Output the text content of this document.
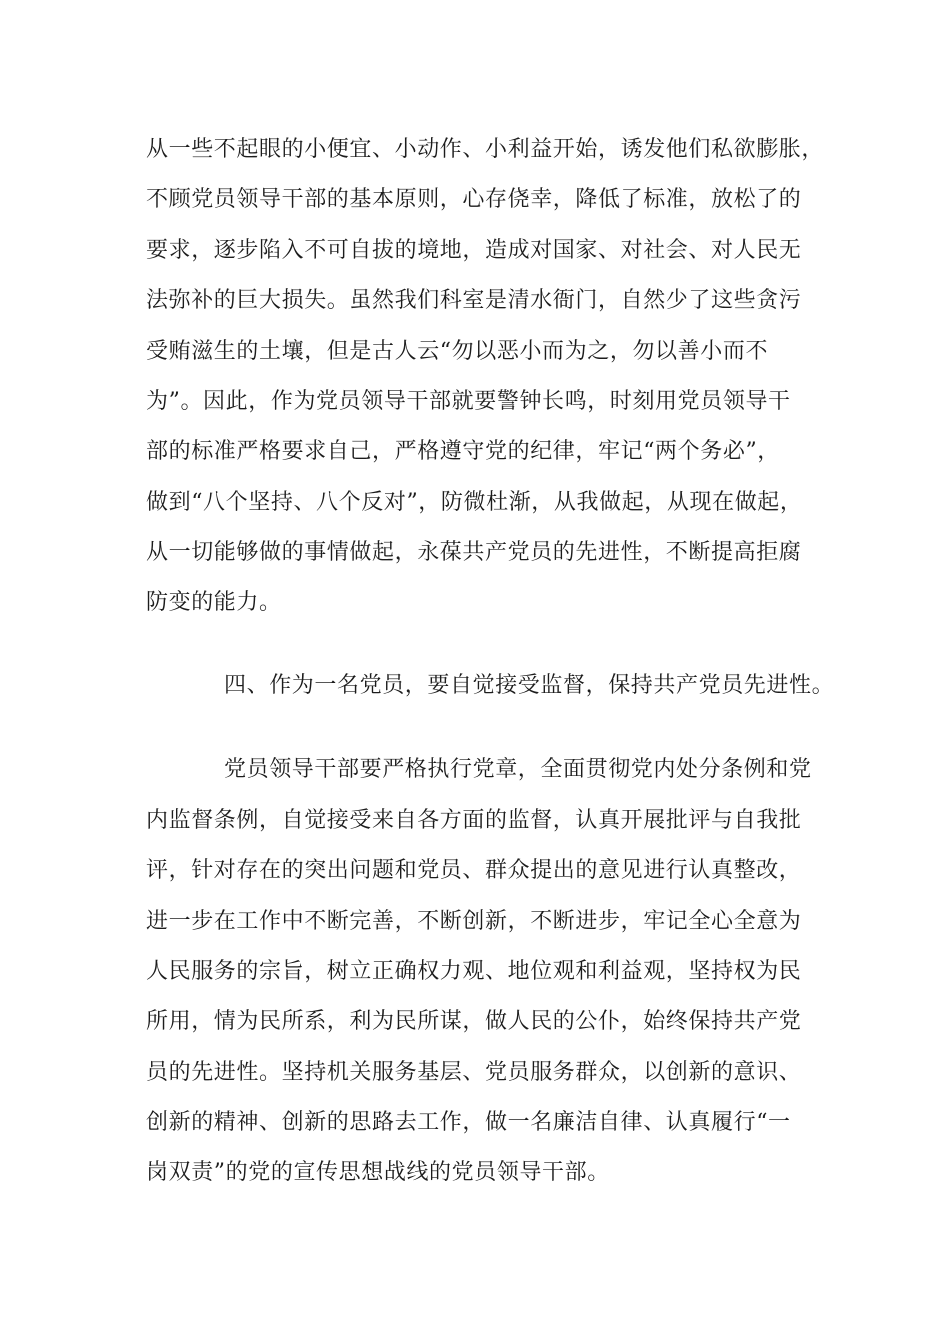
从一些不起眼的小便宜、小动作、小利益开始，诱发他们私欲膨胀，
不顾党员领导干部的基本原则，心存侥幸，降低了标准，放松了的
要求，逐步陷入不可自拔的境地，造成对国家、对社会、对人民无
法弥补的巨大损失。虽然我们科室是清水衙门，自然少了这些贪污
受贿滋生的土壤，但是古人云“勿以恶小而为之，勿以善小而不
为”。因此，作为党员领导干部就要警钟长鸣，时刻用党员领导干
部的标准严格要求自己，严格遵守党的纪律，牢记“两个务必”，
做到“八个坚持、八个反对”，防微杜渐，从我做起，从现在做起，
从一切能够做的事情做起，永葆共产党员的先进性，不断提高拒腐
防变的能力。
四、作为一名党员，要自觉接受监督，保持共产党员先进性。
党员领导干部要严格执行党章，全面贯彻党内处分条例和党
内监督条例，自觉接受来自各方面的监督，认真开展批评与自我批
评，针对存在的突出问题和党员、群众提出的意见进行认真整改，
进一步在工作中不断完善，不断创新，不断进步，牢记全心全意为
人民服务的宗旨，树立正确权力观、地位观和利益观，坚持权为民
所用，情为民所系，利为民所谋，做人民的公仆，始终保持共产党
员的先进性。坚持机关服务基层、党员服务群众，以创新的意识、
创新的精神、创新的思路去工作，做一名廉洁自律、认真履行“一
岗双责”的党的宣传思想战线的党员领导干部。
